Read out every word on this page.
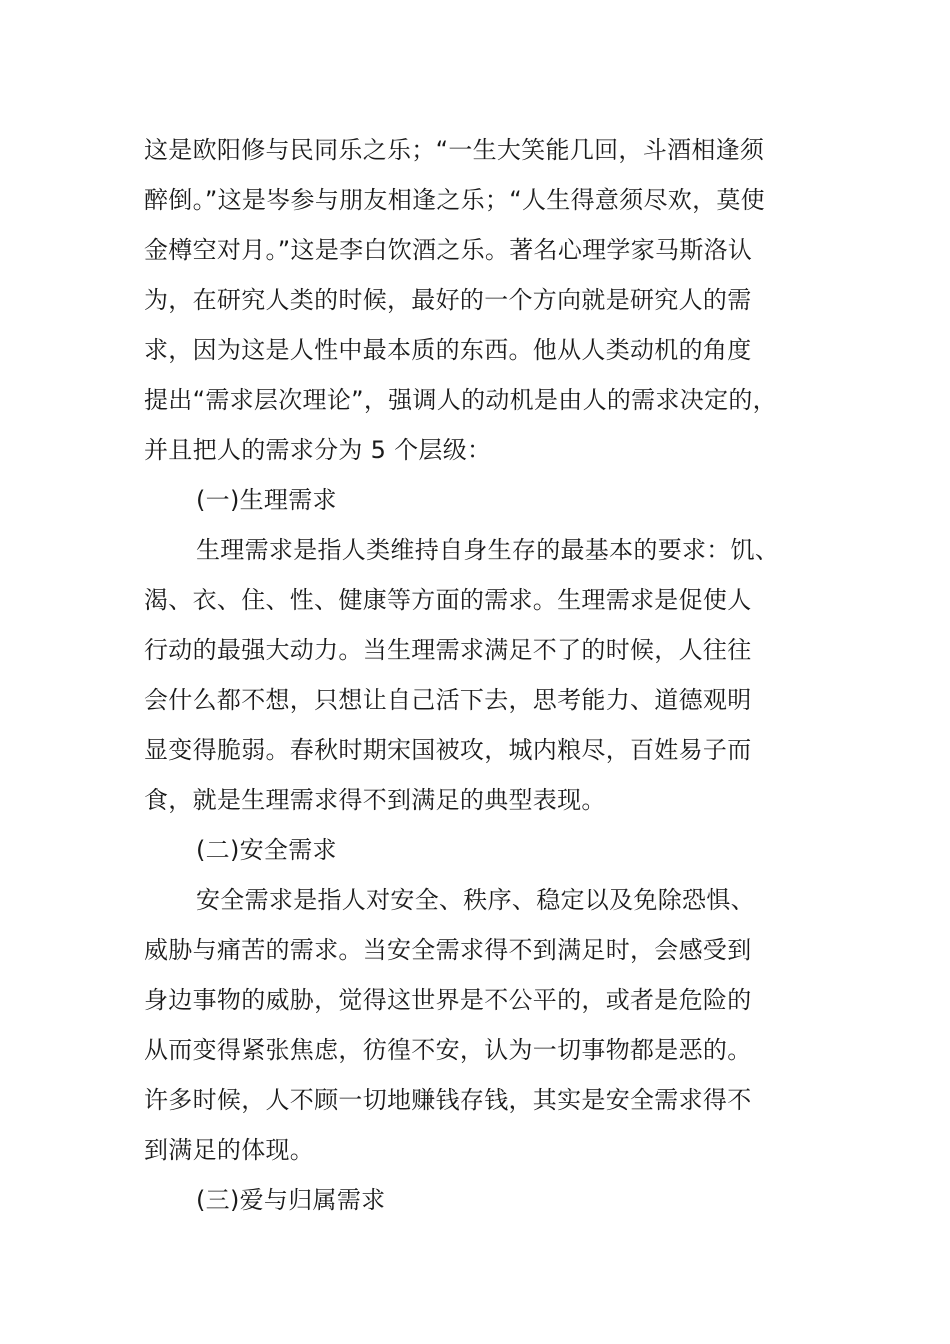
这是欧阳修与民同乐之乐；“一生大笑能几回，斗酒相逢须
醉倒。”这是岑参与朋友相逢之乐；“人生得意须尽欢，莫使
金樽空对月。”这是李白饮酒之乐。著名心理学家马斯洛认
为，在研究人类的时候，最好的一个方向就是研究人的需
求，因为这是人性中最本质的东西。他从人类动机的角度
提出“需求层次理论”，强调人的动机是由人的需求决定的，
并且把人的需求分为 5 个层级：
(一)生理需求
生理需求是指人类维持自身生存的最基本的要求：饥、
渴、衣、住、性、健康等方面的需求。生理需求是促使人
行动的最强大动力。当生理需求满足不了的时候，人往往
会什么都不想，只想让自己活下去，思考能力、道德观明
显变得脆弱。春秋时期宋国被攻，城内粮尽，百姓易子而
食，就是生理需求得不到满足的典型表现。
(二)安全需求
安全需求是指人对安全、秩序、稳定以及免除恐惧、
威胁与痛苦的需求。当安全需求得不到满足时，会感受到
身边事物的威胁，觉得这世界是不公平的，或者是危险的
从而变得紧张焦虑，彷徨不安，认为一切事物都是恶的。
许多时候，人不顾一切地赚钱存钱，其实是安全需求得不
到满足的体现。
(三)爱与归属需求
